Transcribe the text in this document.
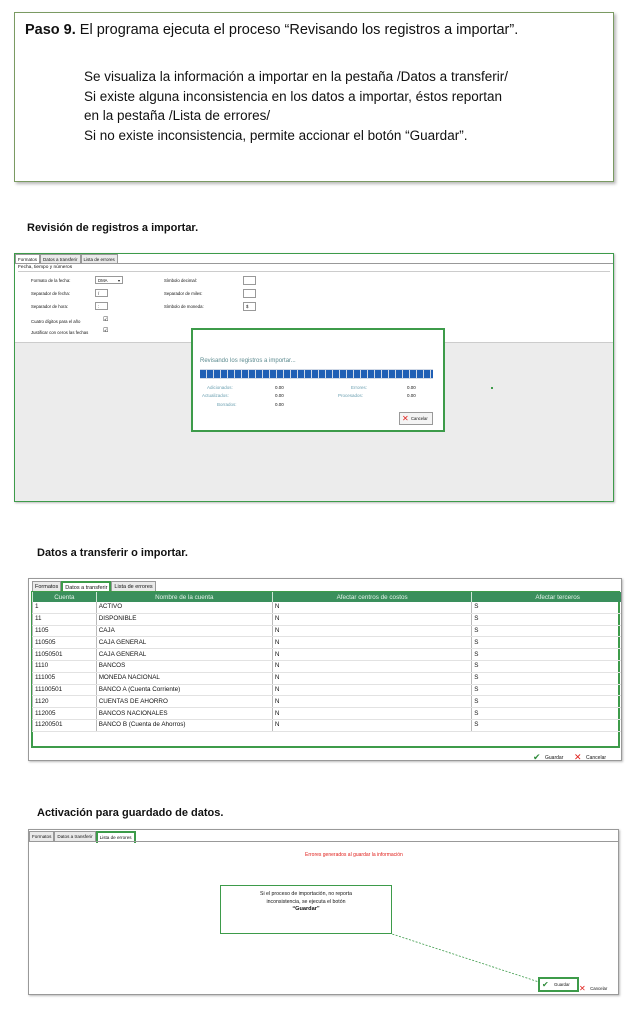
Paso 9. El programa ejecuta el proceso “Revisando los registros a importar”.
Se visualiza la información a importar en la pestaña /Datos a transferir/
Si existe alguna inconsistencia en los datos a importar, éstos reportan
en la pestaña /Lista de errores/
Si no existe inconsistencia, permite accionar el botón “Guardar”.
Revisión de registros a importar.
Formatos	Datos a transferir	Lista de errores
Fecha, tiempo y números
Formato de la fecha:	DMA	▾
Separador de fecha:	/
Separador de hora:	:
Cuatro dígitos para el año	☑
Justificar con ceros las fechas ☑
Símbolo decimal:
Separador de miles:
Símbolo de moneda:	$
Revisando los registros a importar...
Adicionados:	0.00
Actualizados:	0.00
Borrados:	0.00
Errores:	0.00
Procesados:	0.00
✕ Cancelar
Datos a transferir o importar.
Formatos	Datos a transferir	Lista de errores
Cuenta	Nombre de la cuenta	Afectar centros de costos	Afectar terceros
1	ACTIVO	N	S
11	DISPONIBLE	N	S
1105	CAJA	N	S
110505	CAJA GENERAL	N	S
11050501	CAJA GENERAL	N	S
1110	BANCOS	N	S
111005	MONEDA NACIONAL	N	S
11100501	BANCO A (Cuenta Corriente)	N	S
1120	CUENTAS DE AHORRO	N	S
112005	BANCOS NACIONALES	N	S
11200501	BANCO B (Cuenta de Ahorros)	N	S
✔ Guardar ✕ Cancelar
Activación para guardado de datos.
Formatos	Datos a transferir	Lista de errores
Errores generados al guardar la información
Si el proceso de importación, no reporta
inconsistencia, se ejecuta el botón
“Guardar”
✔ Guardar ✕ Cancelar
